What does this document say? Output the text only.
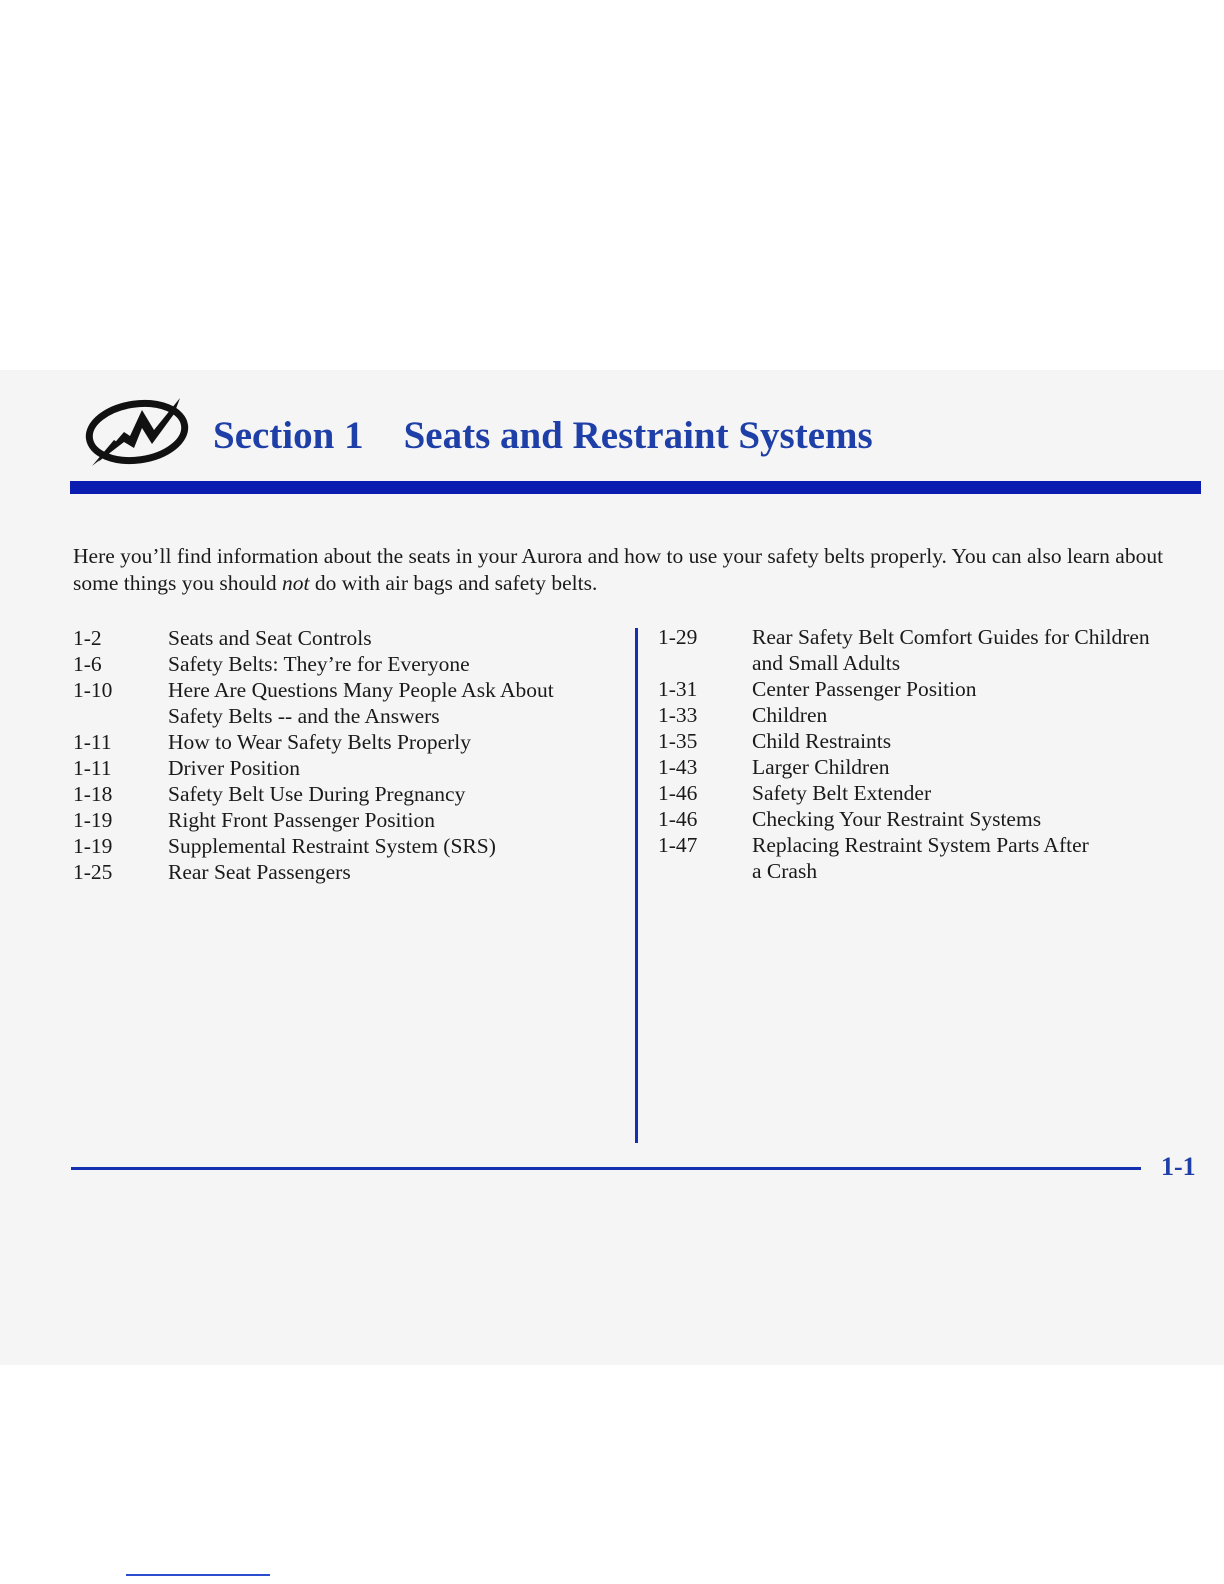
Section 1 Seats and Restraint Systems

Here you’ll find information about the seats in your Aurora and how to use your safety belts properly. You can also learn about some things you should not do with air bags and safety belts.

1-2	Seats and Seat Controls
1-6	Safety Belts: They’re for Everyone
1-10	Here Are Questions Many People Ask About
Safety Belts -- and the Answers
1-11	How to Wear Safety Belts Properly
1-11	Driver Position
1-18	Safety Belt Use During Pregnancy
1-19	Right Front Passenger Position
1-19	Supplemental Restraint System (SRS)
1-25	Rear Seat Passengers
1-29	Rear Safety Belt Comfort Guides for Children
and Small Adults
1-31	Center Passenger Position
1-33	Children
1-35	Child Restraints
1-43	Larger Children
1-46	Safety Belt Extender
1-46	Checking Your Restraint Systems
1-47	Replacing Restraint System Parts After
a Crash
1-1
